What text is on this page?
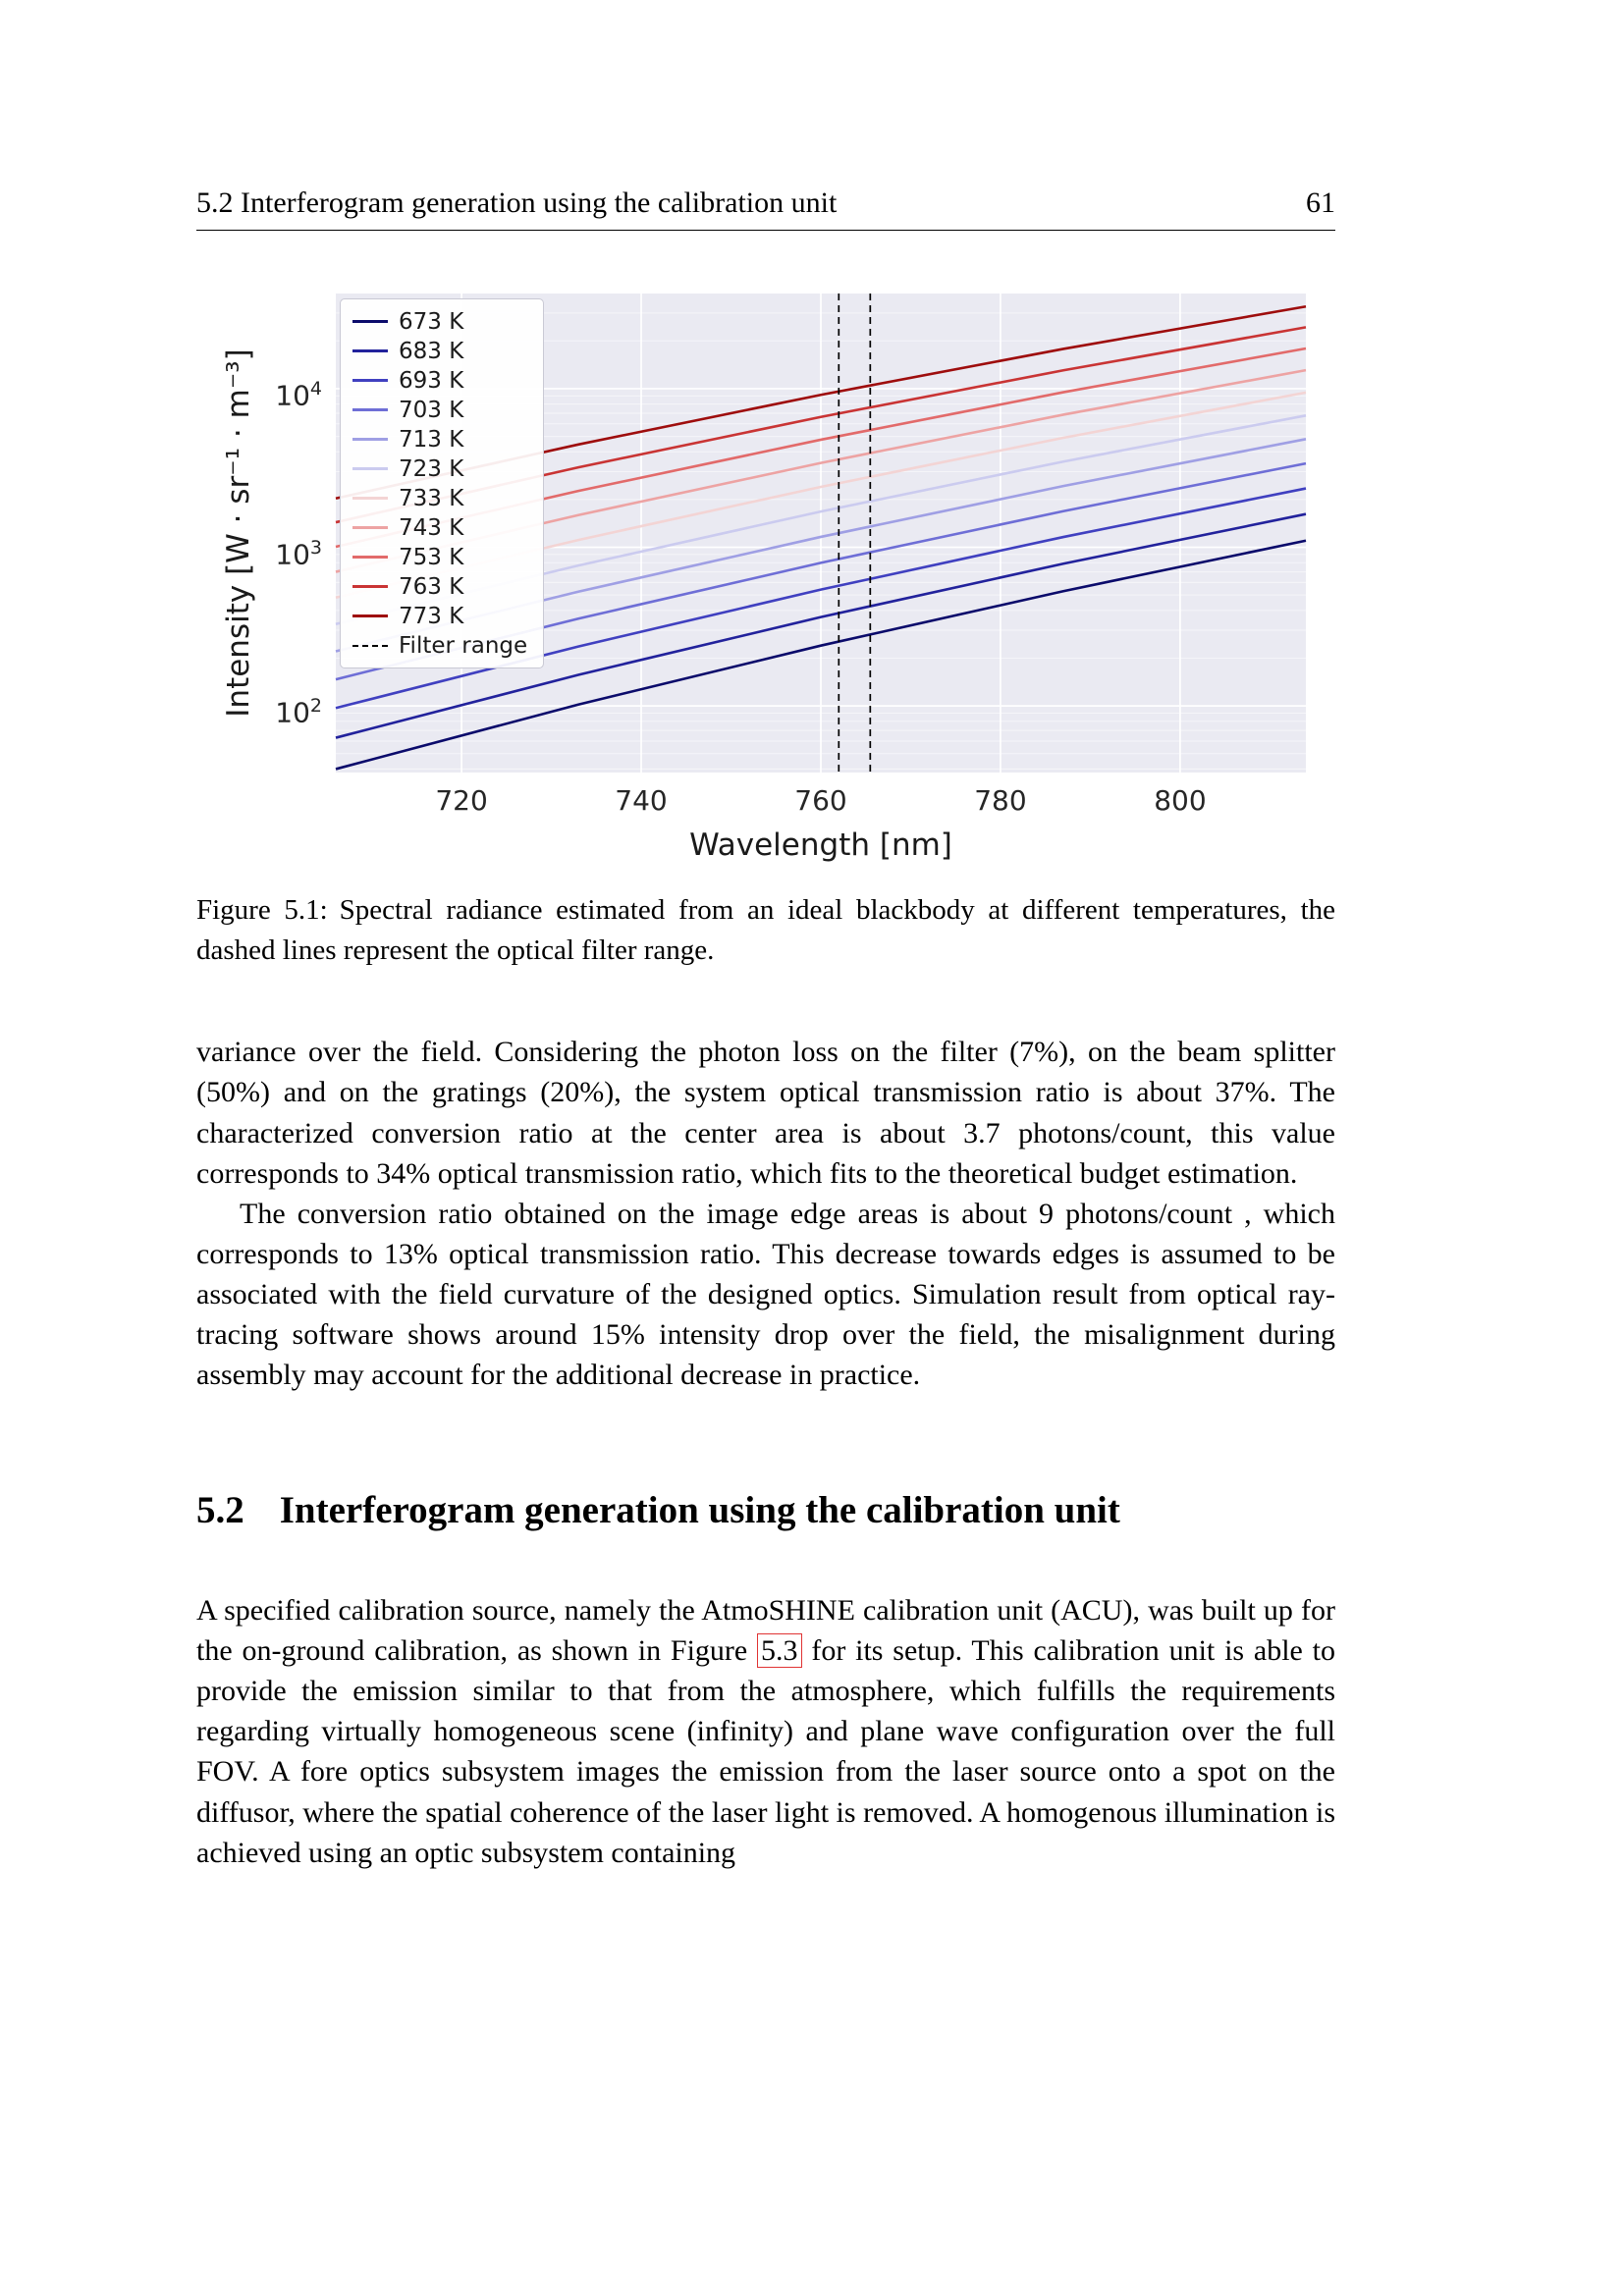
5.2 Interferogram generation using the calibration unit	61
Intensity [W · sr⁻¹ · m⁻³]
Wavelength [nm]
673 K
683 K
693 K
703 K
713 K
723 K
733 K
743 K
753 K
763 K
773 K
Filter range
720	740	760	780	800
$10^2$
$10^3$
$10^4$

Figure 5.1: Spectral radiance estimated from an ideal blackbody at different temperatures, the dashed lines represent the optical filter range.

variance over the field. Considering the photon loss on the filter (7%), on the beam splitter (50%) and on the gratings (20%), the system optical transmission ratio is about 37%. The characterized conversion ratio at the center area is about 3.7 photons/count, this value corresponds to 34% optical transmission ratio, which fits to the theoretical budget estimation.

The conversion ratio obtained on the image edge areas is about 9 photons/count , which corresponds to 13% optical transmission ratio. This decrease towards edges is assumed to be associated with the field curvature of the designed optics. Simulation result from optical ray-tracing software shows around 15% intensity drop over the field, the misalignment during assembly may account for the additional decrease in practice.

5.2 Interferogram generation using the calibration unit

A specified calibration source, namely the AtmoSHINE calibration unit (ACU), was built up for the on-ground calibration, as shown in Figure 5.3 for its setup. This calibration unit is able to provide the emission similar to that from the atmosphere, which fulfills the requirements regarding virtually homogeneous scene (infinity) and plane wave configuration over the full FOV. A fore optics subsystem images the emission from the laser source onto a spot on the diffusor, where the spatial coherence of the laser light is removed. A homogenous illumination is achieved using an optic subsystem containing
